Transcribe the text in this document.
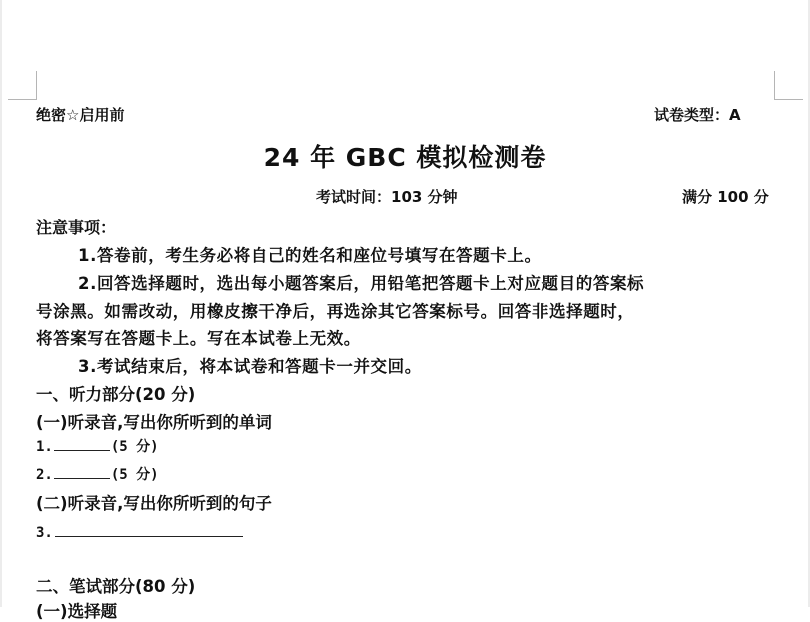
绝密☆启用前	试卷类型：A
24 年 GBC 模拟检测卷
考试时间：103 分钟	满分 100 分
注意事项：
1.答卷前，考生务必将自己的姓名和座位号填写在答题卡上。
2.回答选择题时，选出每小题答案后，用铅笔把答题卡上对应题目的答案标
号涂黑。如需改动，用橡皮擦干净后，再选涂其它答案标号。回答非选择题时，
将答案写在答题卡上。写在本试卷上无效。
3.考试结束后，将本试卷和答题卡一并交回。
一、听力部分(20 分)
(一)听录音,写出你所听到的单词
1.	(5 分)
2.	(5 分)
(二)听录音,写出你所听到的句子
3.
二、笔试部分(80 分)
(一)选择题
